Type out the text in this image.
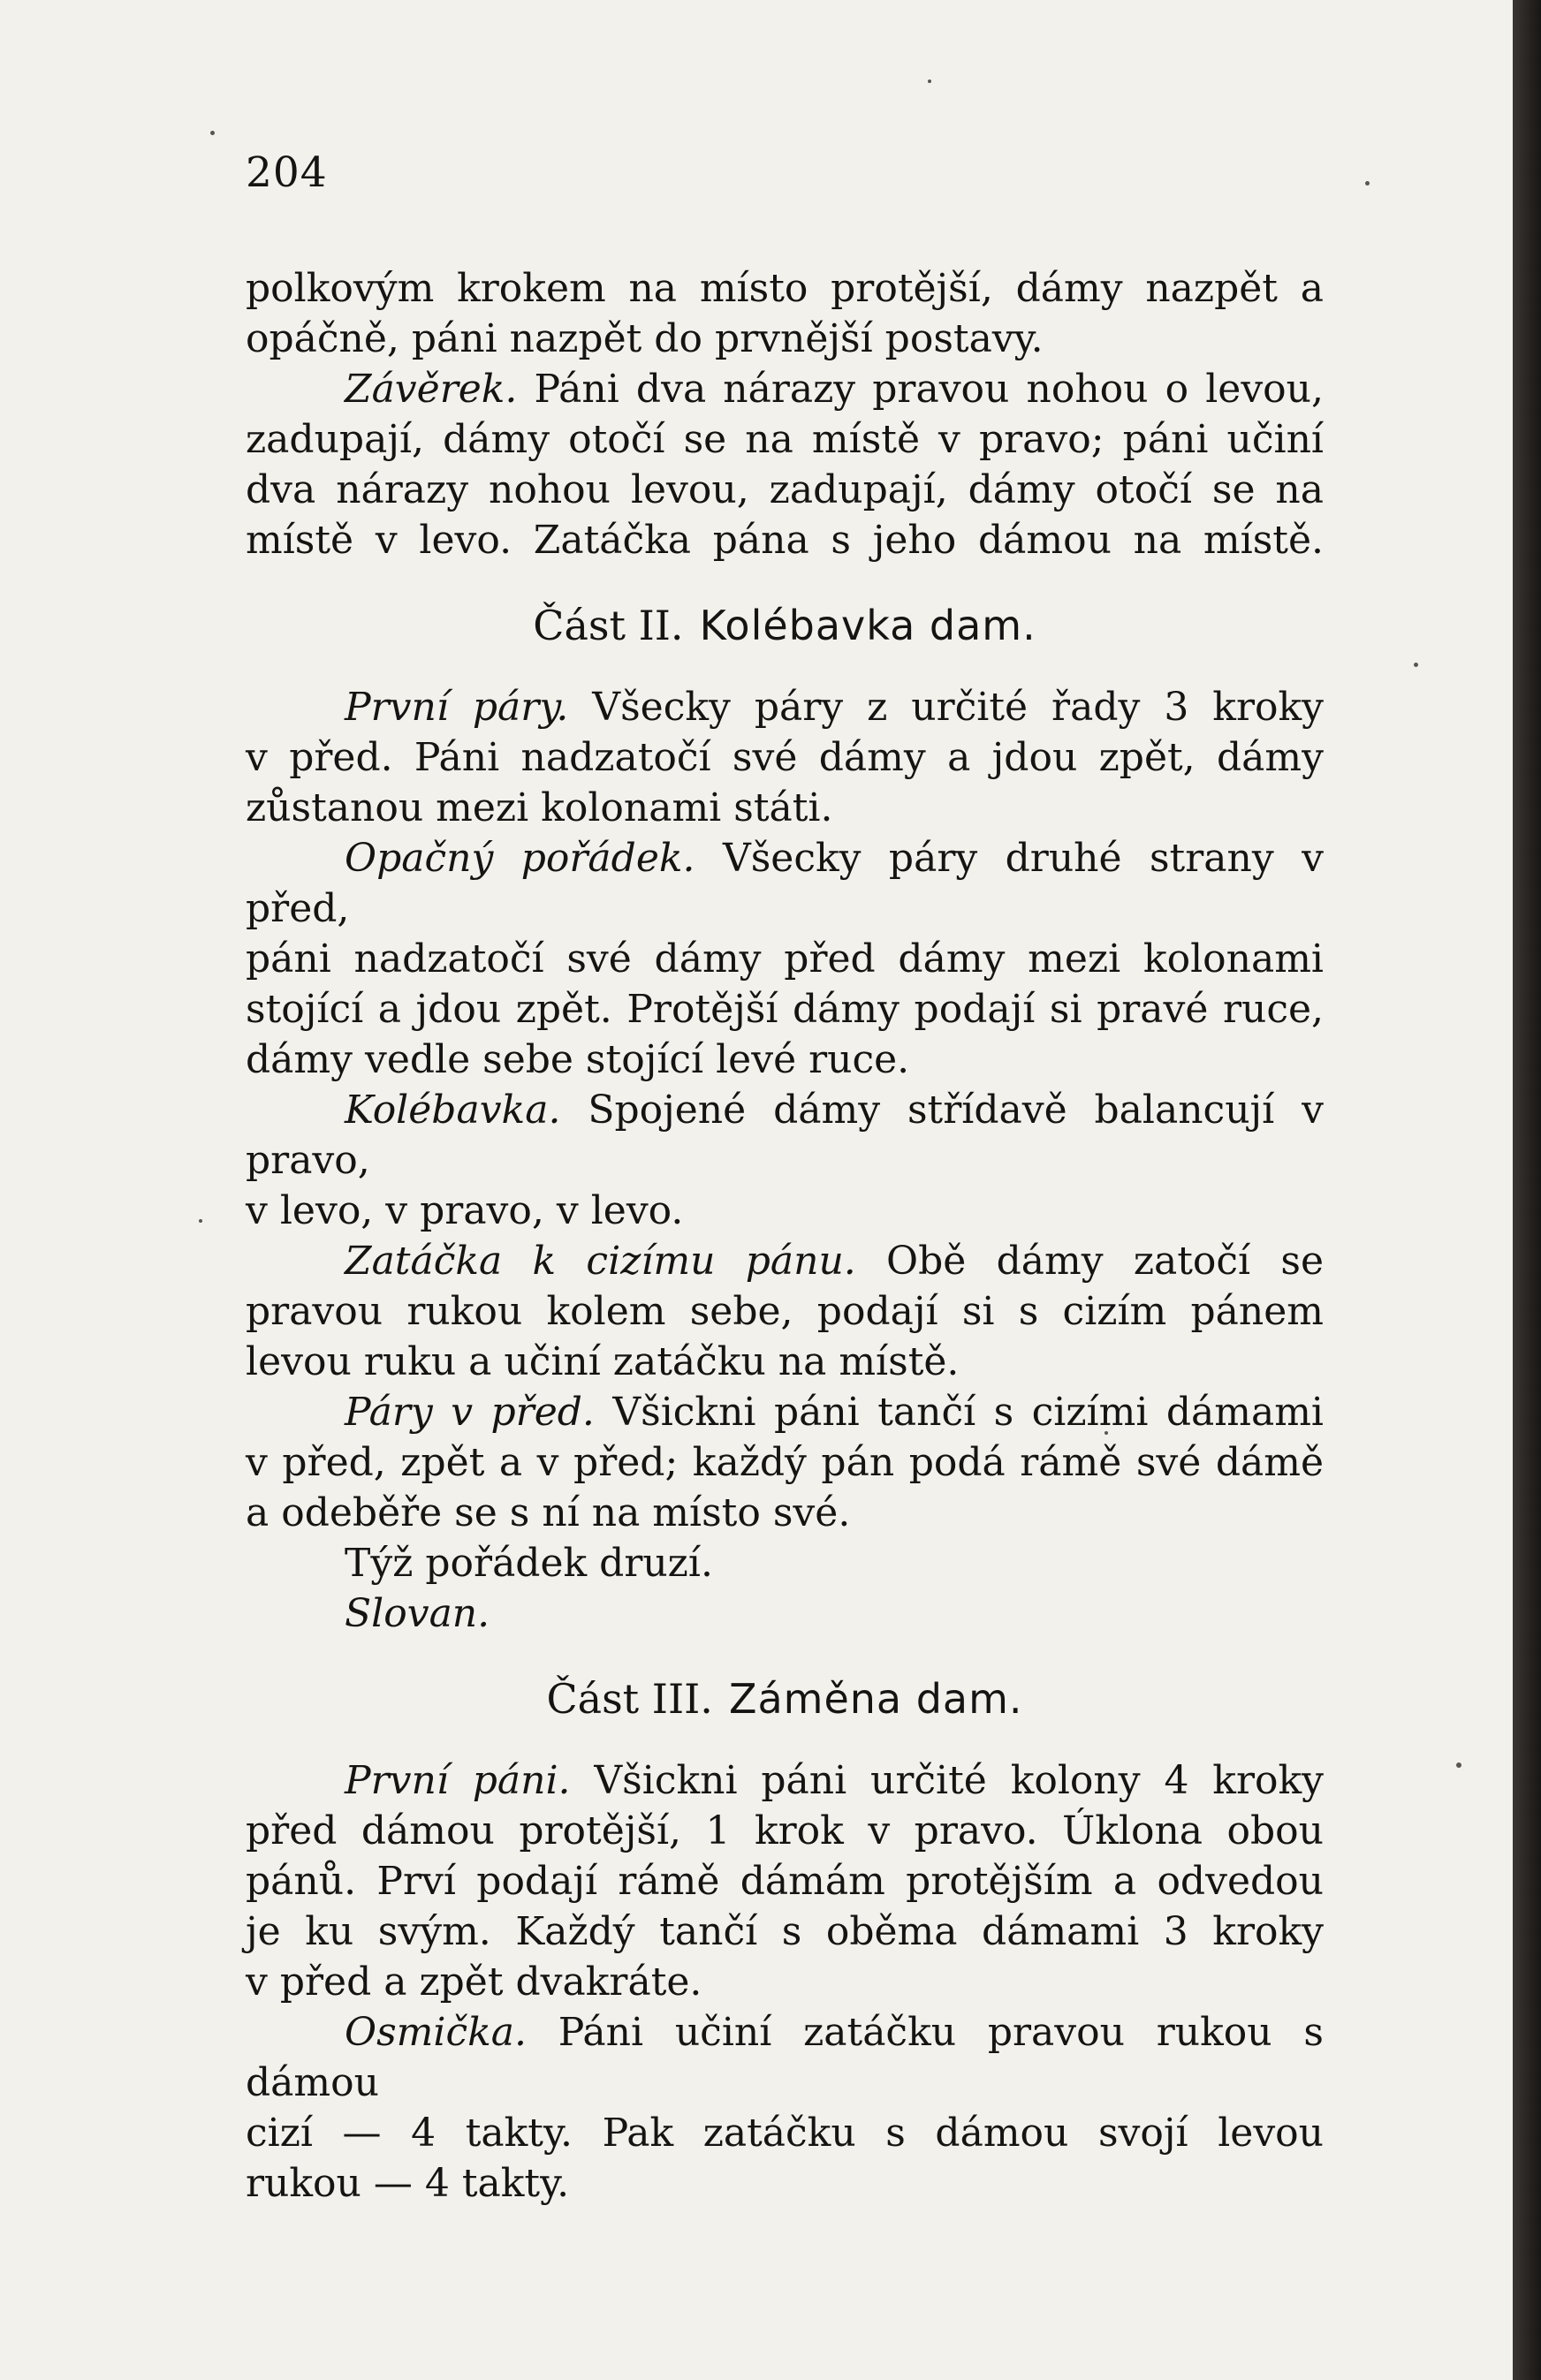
204

polkovým krokem na místo protější, dámy nazpět a

opáčně, páni nazpět do prvnější postavy.

Závěrek. Páni dva nárazy pravou nohou o levou,

zadupají, dámy otočí se na místě v pravo; páni učiní

dva nárazy nohou levou, zadupají, dámy otočí se na

místě v levo. Zatáčka pána s jeho dámou na místě.

Část II. Kolébavka dam.

První páry. Všecky páry z určité řady 3 kroky

v před. Páni nadzatočí své dámy a jdou zpět, dámy

zůstanou mezi kolonami státi.

Opačný pořádek. Všecky páry druhé strany v před,

páni nadzatočí své dámy před dámy mezi kolonami

stojící a jdou zpět. Protější dámy podají si pravé ruce,

dámy vedle sebe stojící levé ruce.

Kolébavka. Spojené dámy střídavě balancují v pravo,

v levo, v pravo, v levo.

Zatáčka k cizímu pánu. Obě dámy zatočí se

pravou rukou kolem sebe, podají si s cizím pánem

levou ruku a učiní zatáčku na místě.

Páry v před. Všickni páni tančí s cizími dámami

v před, zpět a v před; každý pán podá rámě své dámě

a odeběře se s ní na místo své.

Týž pořádek druzí.

Slovan.

Část III. Záměna dam.

První páni. Všickni páni určité kolony 4 kroky

před dámou protější, 1 krok v pravo. Úklona obou

pánů. Prví podají rámě dámám protějším a odvedou

je ku svým. Každý tančí s oběma dámami 3 kroky

v před a zpět dvakráte.

Osmička. Páni učiní zatáčku pravou rukou s dámou

cizí — 4 takty. Pak zatáčku s dámou svojí levou

rukou — 4 takty.
